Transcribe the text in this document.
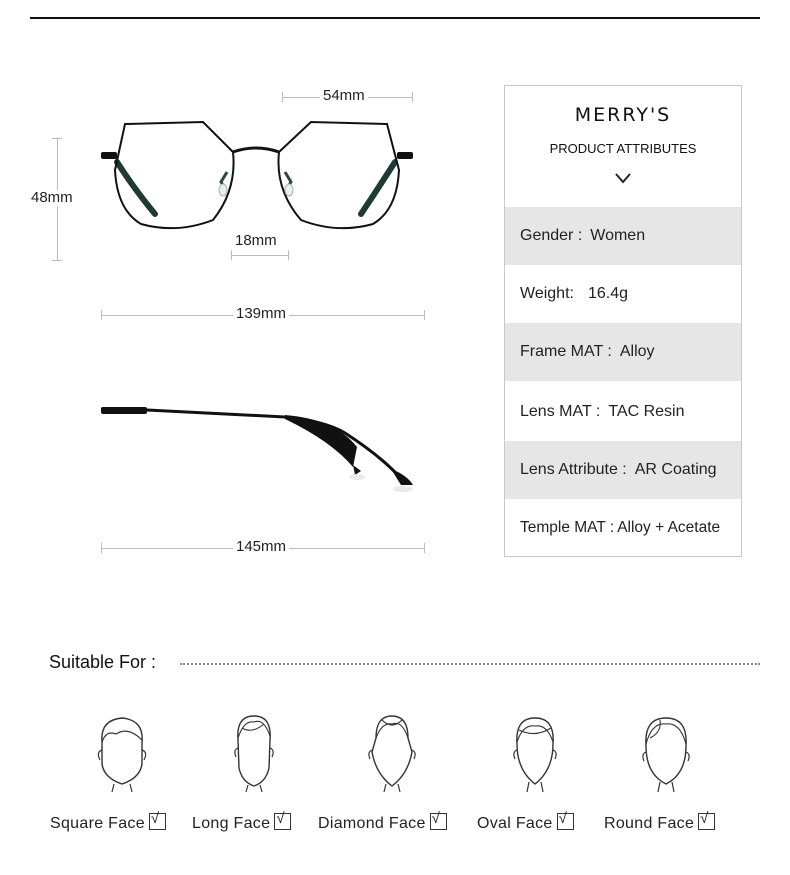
54mm
48mm
18mm
139mm
145mm
MERRY'S
PRODUCT ATTRIBUTES
Gender : Women
Weight: 16.4g
Frame MAT : Alloy
Lens MAT : TAC Resin
Lens Attribute : AR Coating
Temple MAT : Alloy + Acetate
Suitable For :
Square Face √ Long Face √ Diamond Face √ Oval Face √ Round Face √
